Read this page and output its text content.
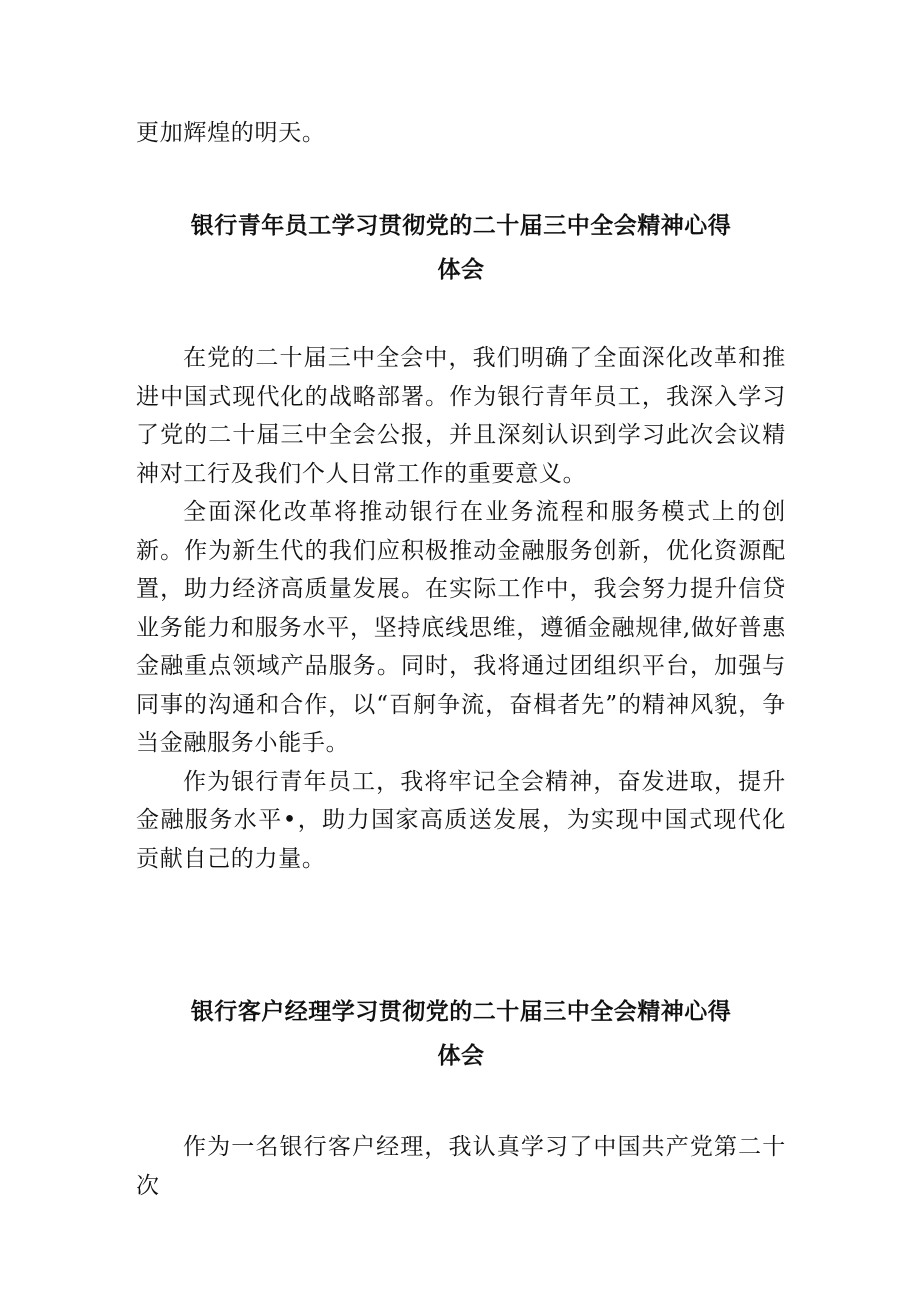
更加辉煌的明天。

银行青年员工学习贯彻党的二十届三中全会精神心得

体会

在党的二十届三中全会中，我们明确了全面深化改革和推进中国式现代化的战略部署。作为银行青年员工，我深入学习了党的二十届三中全会公报，并且深刻认识到学习此次会议精神对工行及我们个人日常工作的重要意义。

全面深化改革将推动银行在业务流程和服务模式上的创新。作为新生代的我们应积极推动金融服务创新，优化资源配置，助力经济高质量发展。在实际工作中，我会努力提升信贷业务能力和服务水平，坚持底线思维，遵循金融规律,做好普惠金融重点领域产品服务。同时，我将通过团组织平台，加强与同事的沟通和合作，以“百舸争流，奋楫者先”的精神风貌，争当金融服务小能手。

作为银行青年员工，我将牢记全会精神，奋发进取，提升金融服务水平•，助力国家高质送发展，为实现中国式现代化贡献自己的力量。

银行客户经理学习贯彻党的二十届三中全会精神心得

体会

作为一名银行客户经理，我认真学习了中国共产党第二十次
